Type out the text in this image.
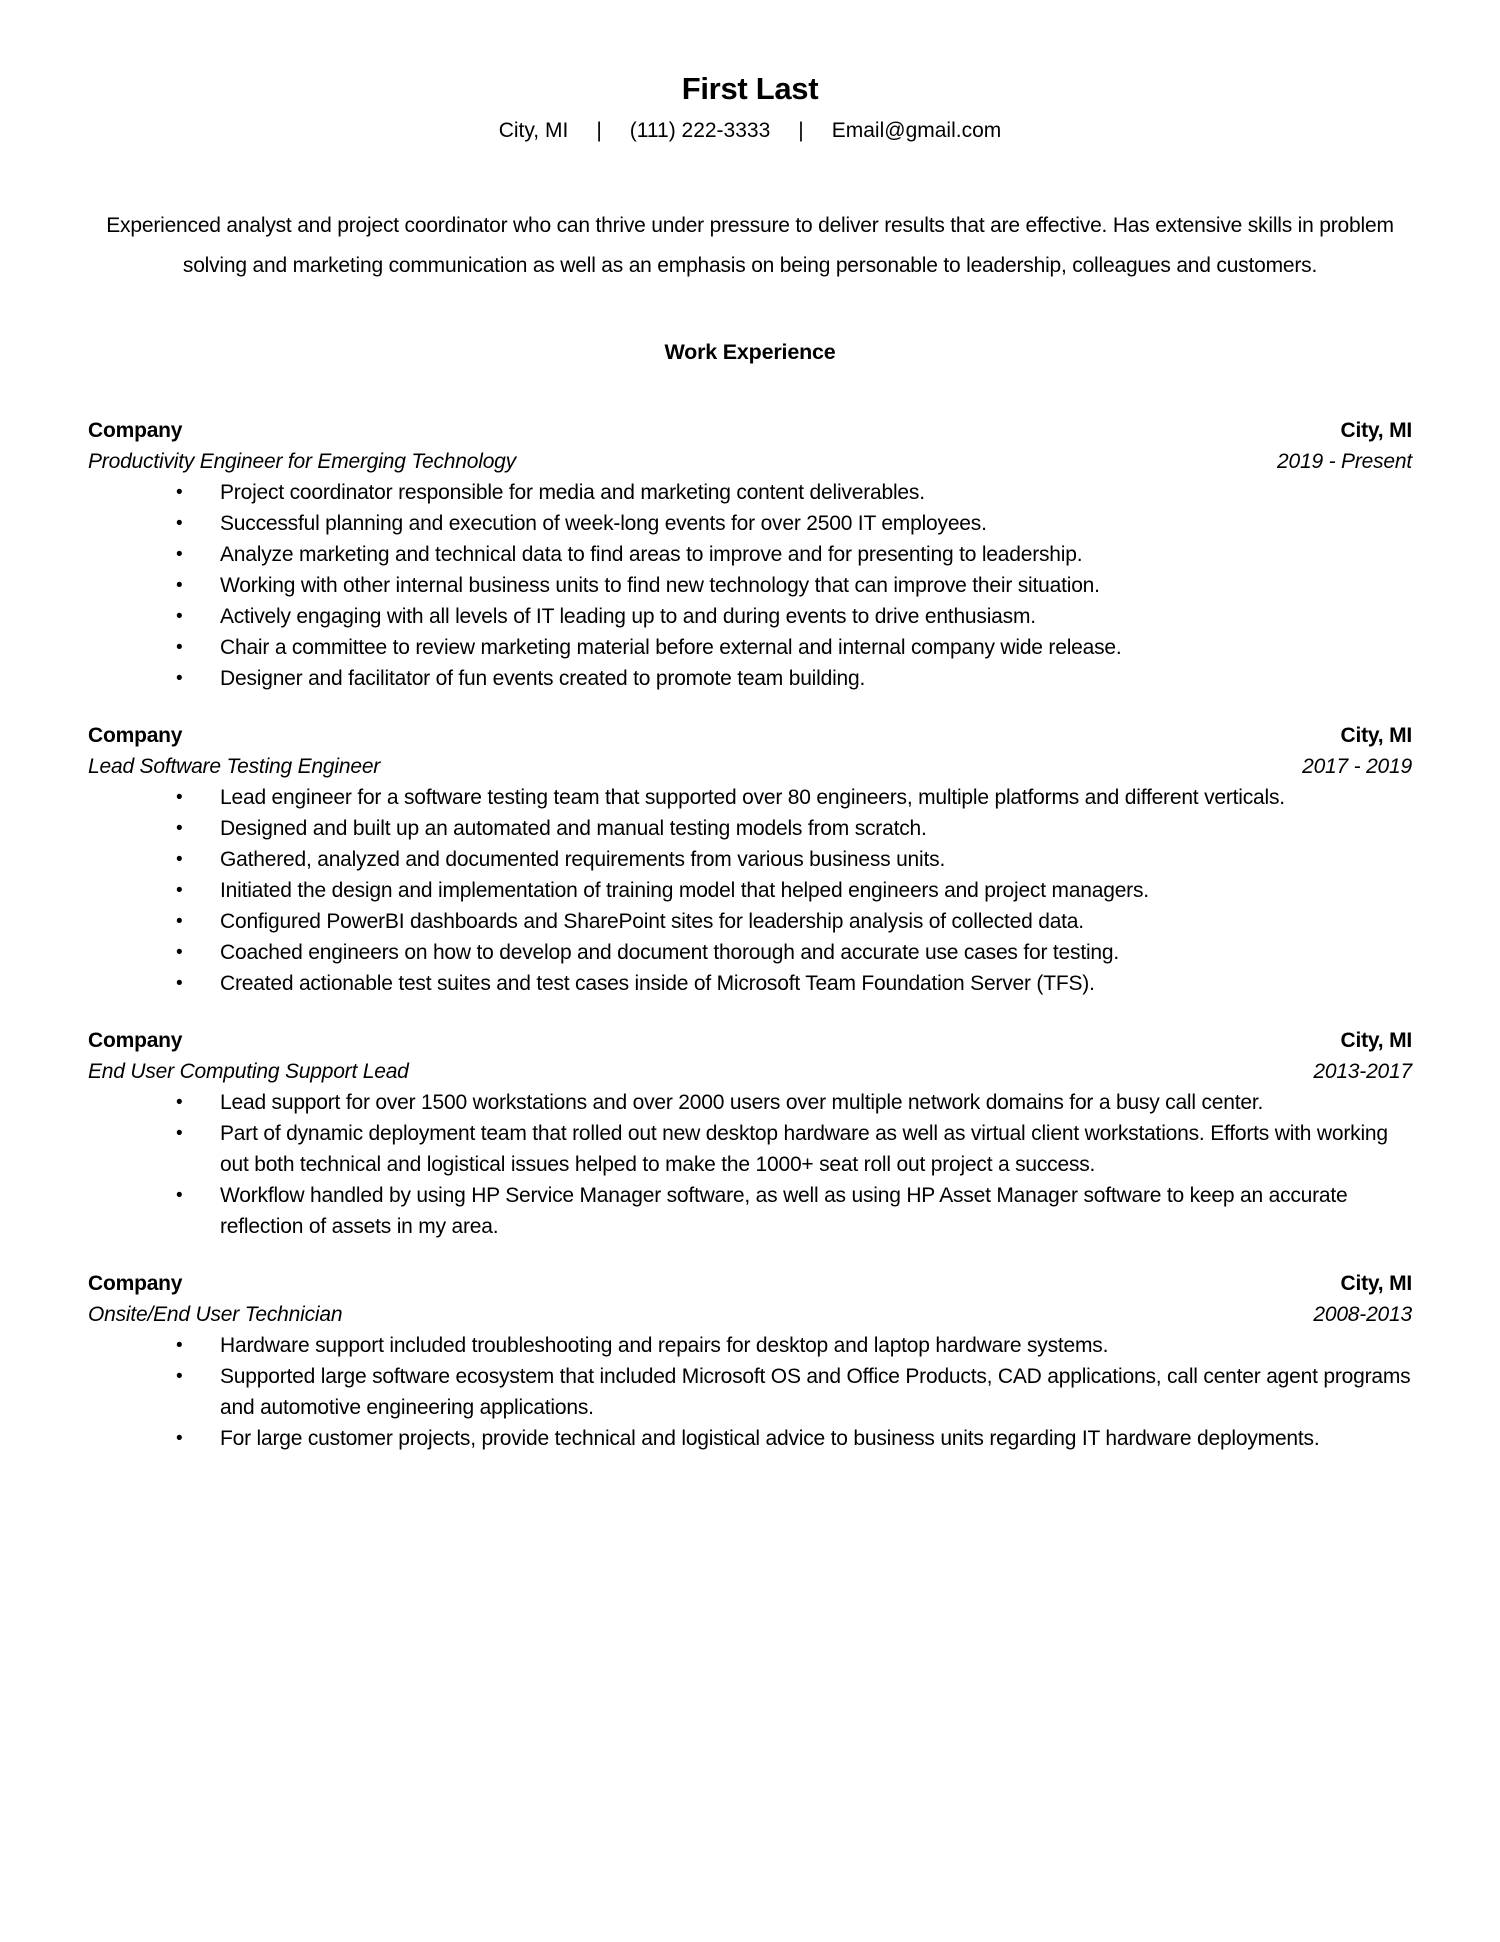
First Last
City, MI | (111) 222-3333 | Email@gmail.com
Experienced analyst and project coordinator who can thrive under pressure to deliver results that are effective. Has extensive skills in problem solving and marketing communication as well as an emphasis on being personable to leadership, colleagues and customers.
Work Experience
Company	City, MI
Productivity Engineer for Emerging Technology	2019 - Present
• Project coordinator responsible for media and marketing content deliverables.
• Successful planning and execution of week-long events for over 2500 IT employees.
• Analyze marketing and technical data to find areas to improve and for presenting to leadership.
• Working with other internal business units to find new technology that can improve their situation.
• Actively engaging with all levels of IT leading up to and during events to drive enthusiasm.
• Chair a committee to review marketing material before external and internal company wide release.
• Designer and facilitator of fun events created to promote team building.
Company	City, MI
Lead Software Testing Engineer	2017 - 2019
• Lead engineer for a software testing team that supported over 80 engineers, multiple platforms and different verticals.
• Designed and built up an automated and manual testing models from scratch.
• Gathered, analyzed and documented requirements from various business units.
• Initiated the design and implementation of training model that helped engineers and project managers.
• Configured PowerBI dashboards and SharePoint sites for leadership analysis of collected data.
• Coached engineers on how to develop and document thorough and accurate use cases for testing.
• Created actionable test suites and test cases inside of Microsoft Team Foundation Server (TFS).
Company	City, MI
End User Computing Support Lead	2013-2017
• Lead support for over 1500 workstations and over 2000 users over multiple network domains for a busy call center.
• Part of dynamic deployment team that rolled out new desktop hardware as well as virtual client workstations. Efforts with working out both technical and logistical issues helped to make the 1000+ seat roll out project a success.
• Workflow handled by using HP Service Manager software, as well as using HP Asset Manager software to keep an accurate reflection of assets in my area.
Company	City, MI
Onsite/End User Technician	2008-2013
• Hardware support included troubleshooting and repairs for desktop and laptop hardware systems.
• Supported large software ecosystem that included Microsoft OS and Office Products, CAD applications, call center agent programs and automotive engineering applications.
• For large customer projects, provide technical and logistical advice to business units regarding IT hardware deployments.
